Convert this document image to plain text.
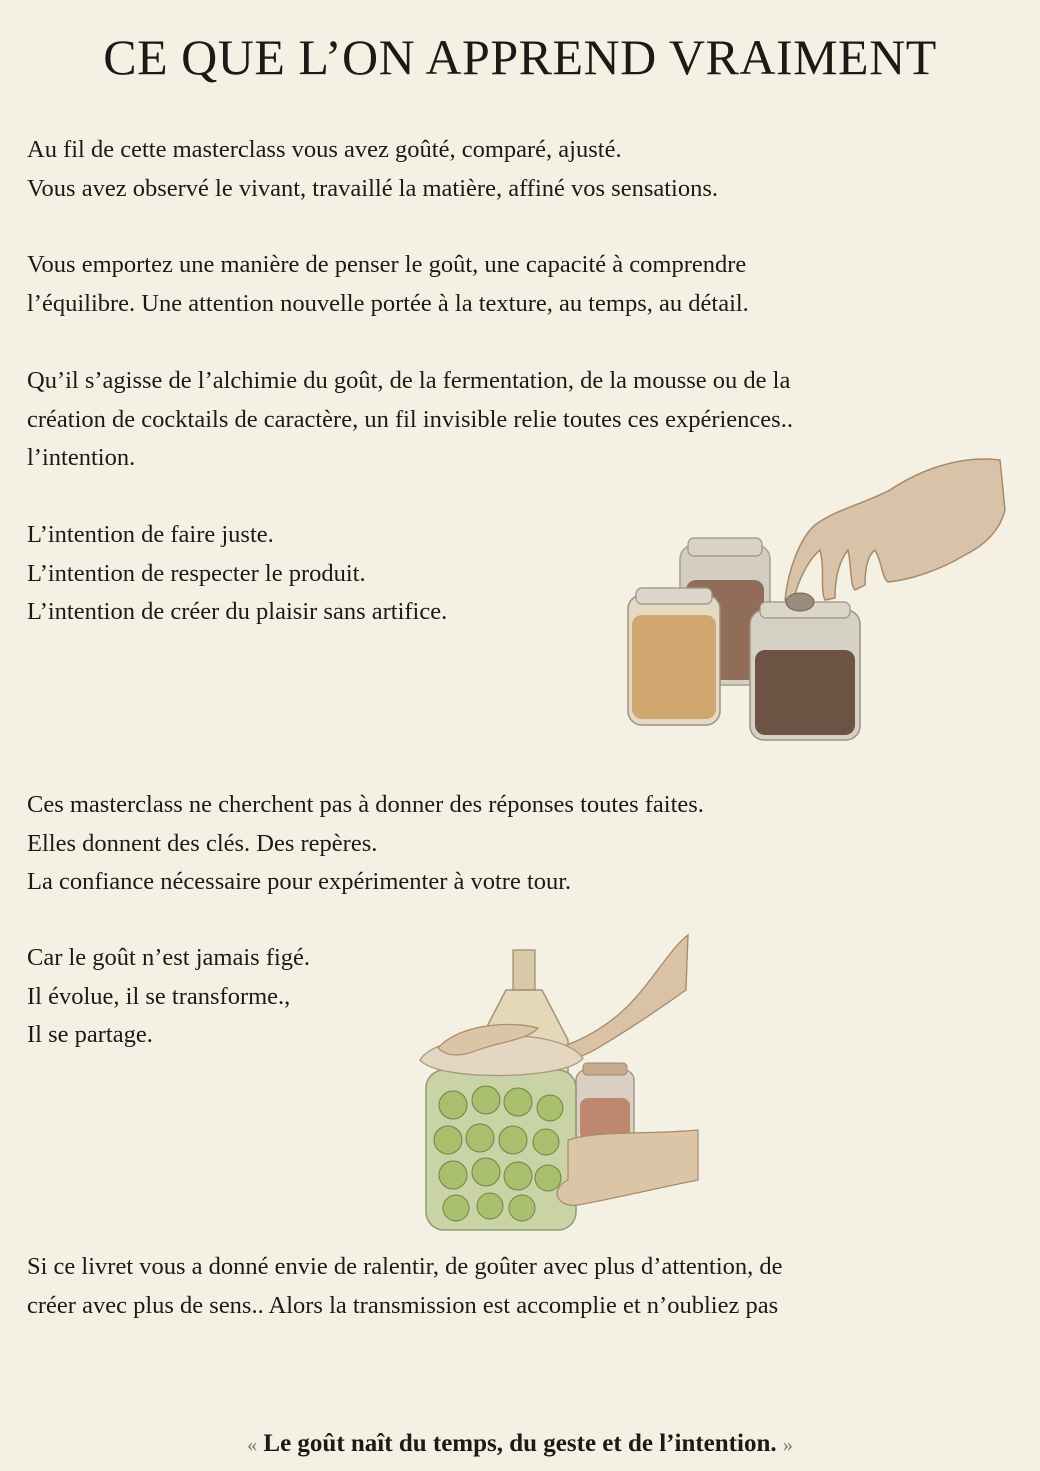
CE QUE L’ON APPREND VRAIMENT

Au fil de cette masterclass vous avez goûté, comparé, ajusté.
Vous avez observé le vivant, travaillé la matière, affiné vos sensations.

Vous emportez une manière de penser le goût, une capacité à comprendre
l’équilibre. Une attention nouvelle portée à la texture, au temps, au détail.

Qu’il s’agisse de l’alchimie du goût, de la fermentation, de la mousse ou de la
création de cocktails de caractère, un fil invisible relie toutes ces expériences..
l’intention.

L’intention de faire juste.
L’intention de respecter le produit.
L’intention de créer du plaisir sans artifice.

Ces masterclass ne cherchent pas à donner des réponses toutes faites.
Elles donnent des clés. Des repères.
La confiance nécessaire pour expérimenter à votre tour.

Car le goût n’est jamais figé.
Il évolue, il se transforme.,
Il se partage.

Si ce livret vous a donné envie de ralentir, de goûter avec plus d’attention, de
créer avec plus de sens.. Alors la transmission est accomplie et n’oubliez pas

« Le goût naît du temps, du geste et de l’intention. »
